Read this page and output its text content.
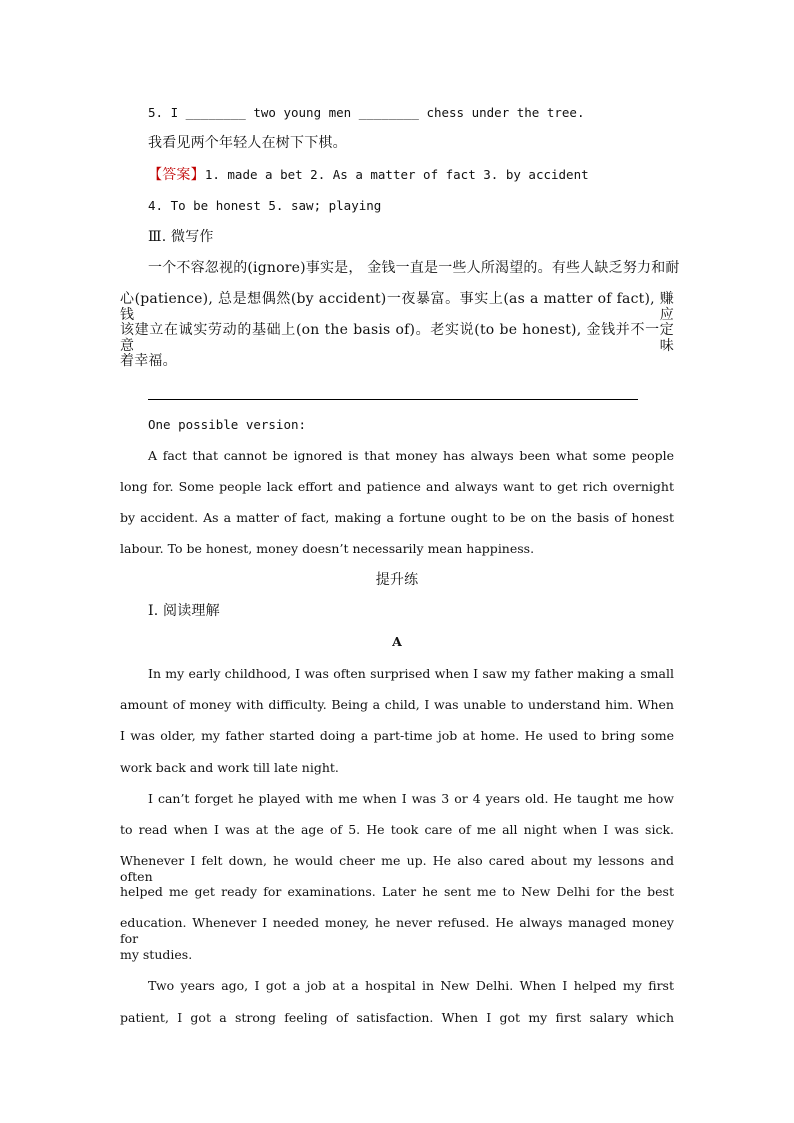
5. I ________ two young men ________ chess under the tree.
我看见两个年轻人在树下下棋。
【答案】1. made a bet 2. As a matter of fact 3. by accident
4. To be honest 5. saw; playing
Ⅲ. 微写作
一个不容忽视的(ignore)事实是， 金钱一直是一些人所渴望的。有些人缺乏努力和耐
心(patience), 总是想偶然(by accident)一夜暴富。事实上(as a matter of fact), 赚钱应
该建立在诚实劳动的基础上(on the basis of)。老实说(to be honest), 金钱并不一定意味
着幸福。
One possible version:
A fact that cannot be ignored is that money has always been what some people
long for. Some people lack effort and patience and always want to get rich overnight
by accident. As a matter of fact, making a fortune ought to be on the basis of honest
labour. To be honest, money doesn’t necessarily mean happiness.
提升练
Ⅰ. 阅读理解
A
In my early childhood, I was often surprised when I saw my father making a small
amount of money with difficulty. Being a child, I was unable to understand him. When
I was older, my father started doing a part-time job at home. He used to bring some
work back and work till late night.
I can’t forget he played with me when I was 3 or 4 years old. He taught me how
to read when I was at the age of 5. He took care of me all night when I was sick.
Whenever I felt down, he would cheer me up. He also cared about my lessons and often
helped me get ready for examinations. Later he sent me to New Delhi for the best
education. Whenever I needed money, he never refused. He always managed money for
my studies.
Two years ago, I got a job at a hospital in New Delhi. When I helped my first
patient, I got a strong feeling of satisfaction. When I got my first salary which
